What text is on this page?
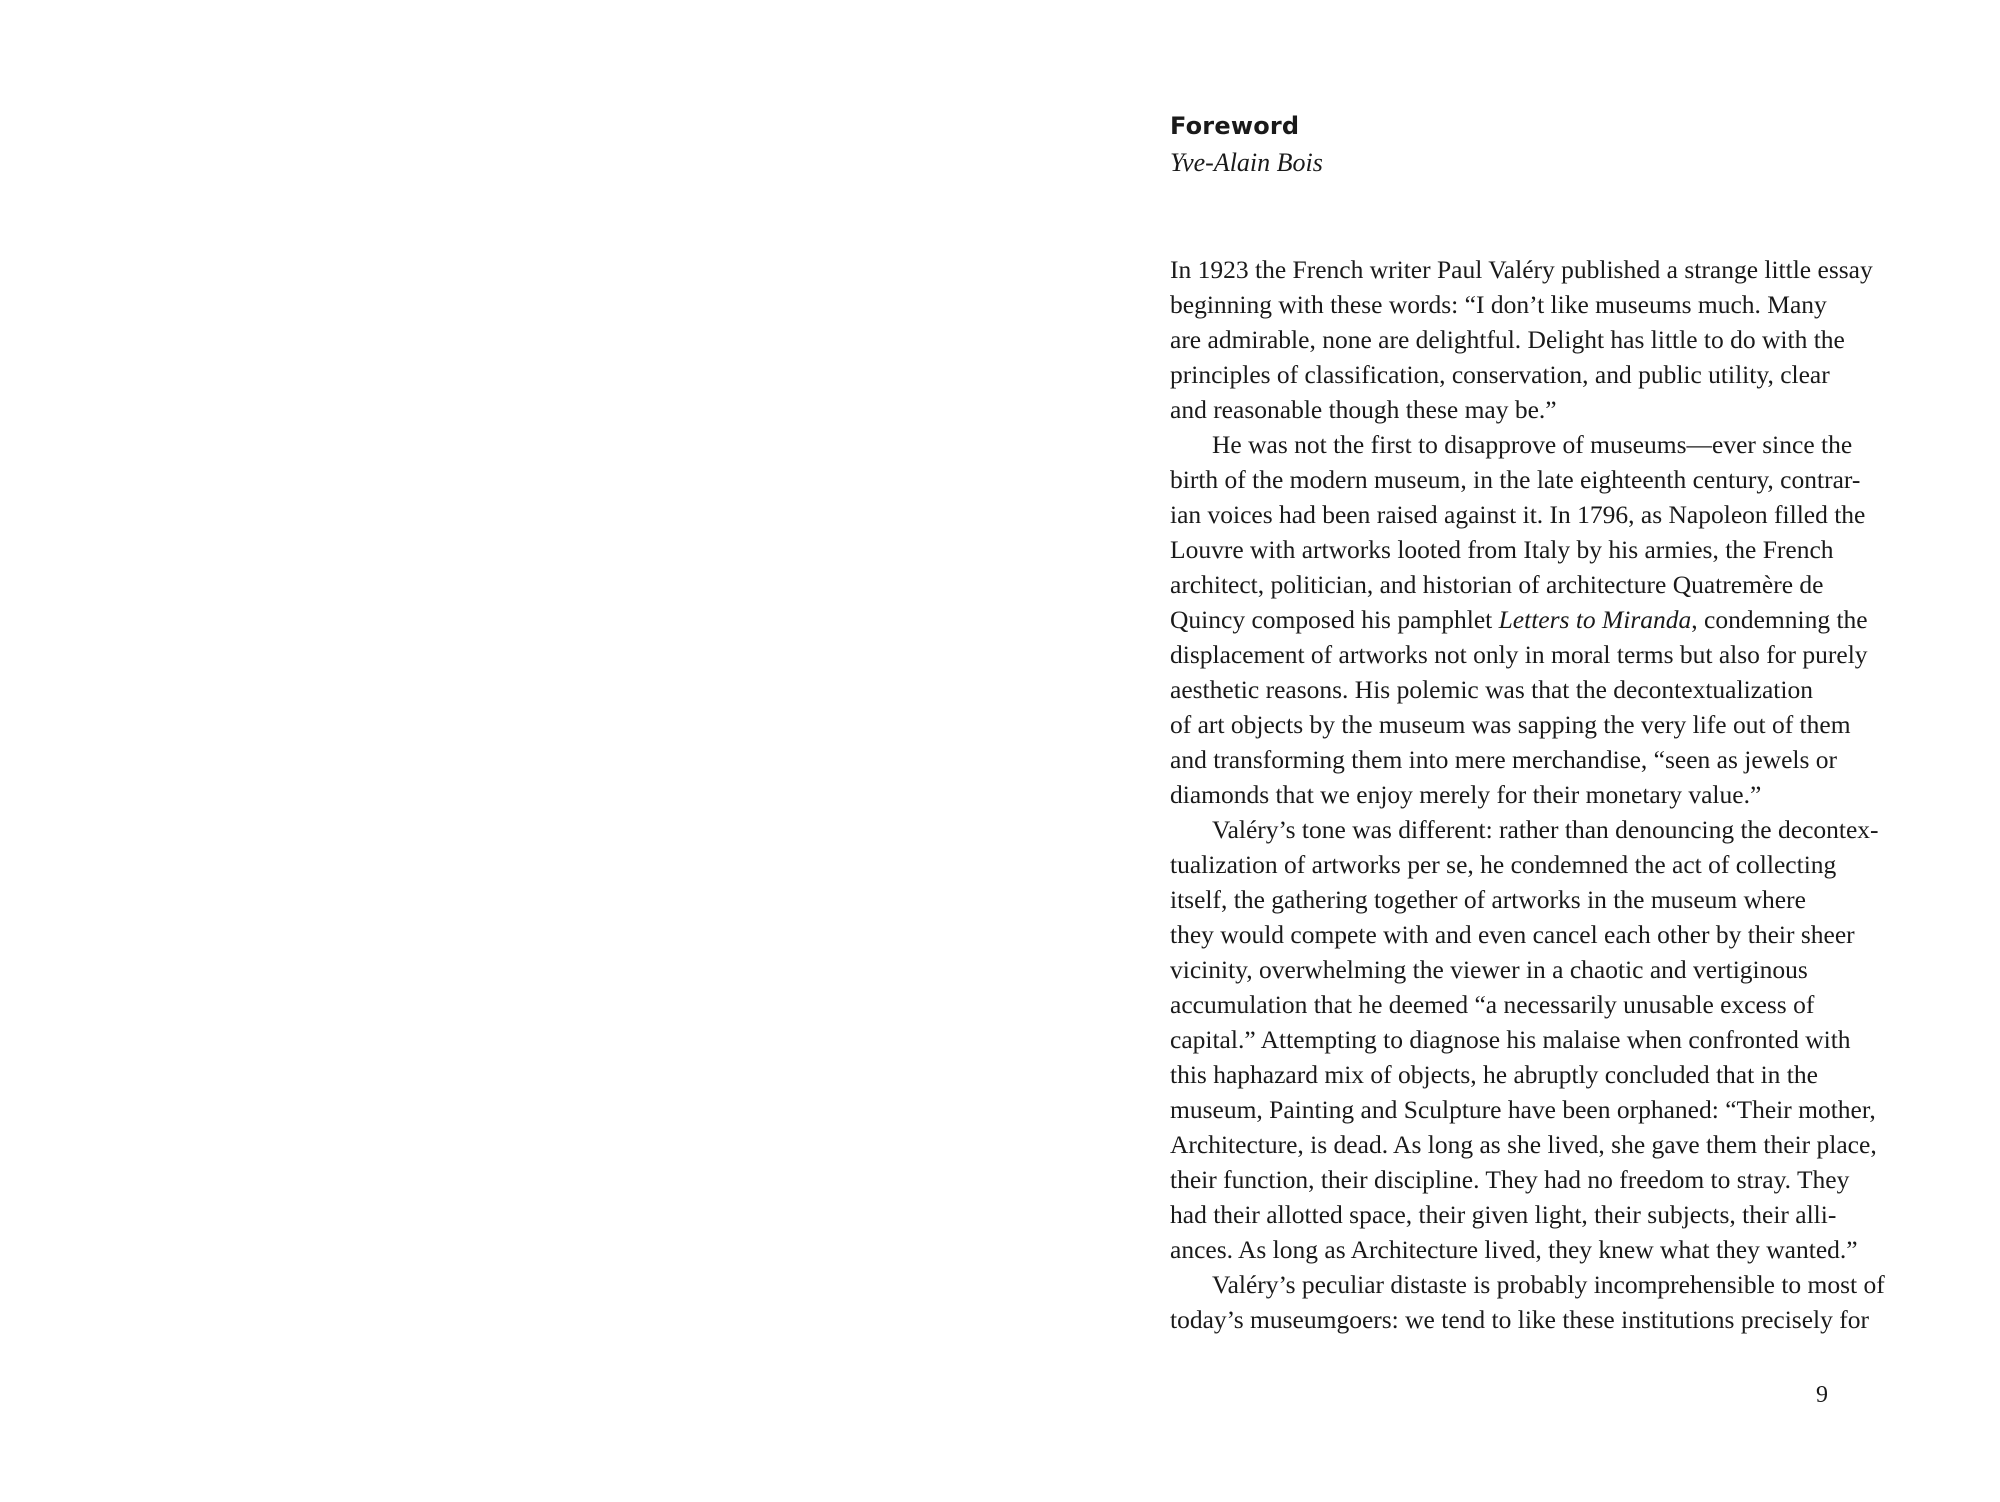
Foreword
Yve-Alain Bois
In 1923 the French writer Paul Valéry published a strange little essay
beginning with these words: “I don’t like museums much. Many
are admirable, none are delightful. Delight has little to do with the
principles of classification, conservation, and public utility, clear
and reasonable though these may be.”
He was not the first to disapprove of museums—ever since the
birth of the modern museum, in the late eighteenth century, contrar-
ian voices had been raised against it. In 1796, as Napoleon filled the
Louvre with artworks looted from Italy by his armies, the French
architect, politician, and historian of architecture Quatremère de
Quincy composed his pamphlet Letters to Miranda, condemning the
displacement of artworks not only in moral terms but also for purely
aesthetic reasons. His polemic was that the decontextualization
of art objects by the museum was sapping the very life out of them
and transforming them into mere merchandise, “seen as jewels or
diamonds that we enjoy merely for their monetary value.”
Valéry’s tone was different: rather than denouncing the decontex-
tualization of artworks per se, he condemned the act of collecting
itself, the gathering together of artworks in the museum where
they would compete with and even cancel each other by their sheer
vicinity, overwhelming the viewer in a chaotic and vertiginous
accumulation that he deemed “a necessarily unusable excess of
capital.” Attempting to diagnose his malaise when confronted with
this haphazard mix of objects, he abruptly concluded that in the
museum, Painting and Sculpture have been orphaned: “Their mother,
Architecture, is dead. As long as she lived, she gave them their place,
their function, their discipline. They had no freedom to stray. They
had their allotted space, their given light, their subjects, their alli-
ances. As long as Architecture lived, they knew what they wanted.”
Valéry’s peculiar distaste is probably incomprehensible to most of
today’s museumgoers: we tend to like these institutions precisely for
9
